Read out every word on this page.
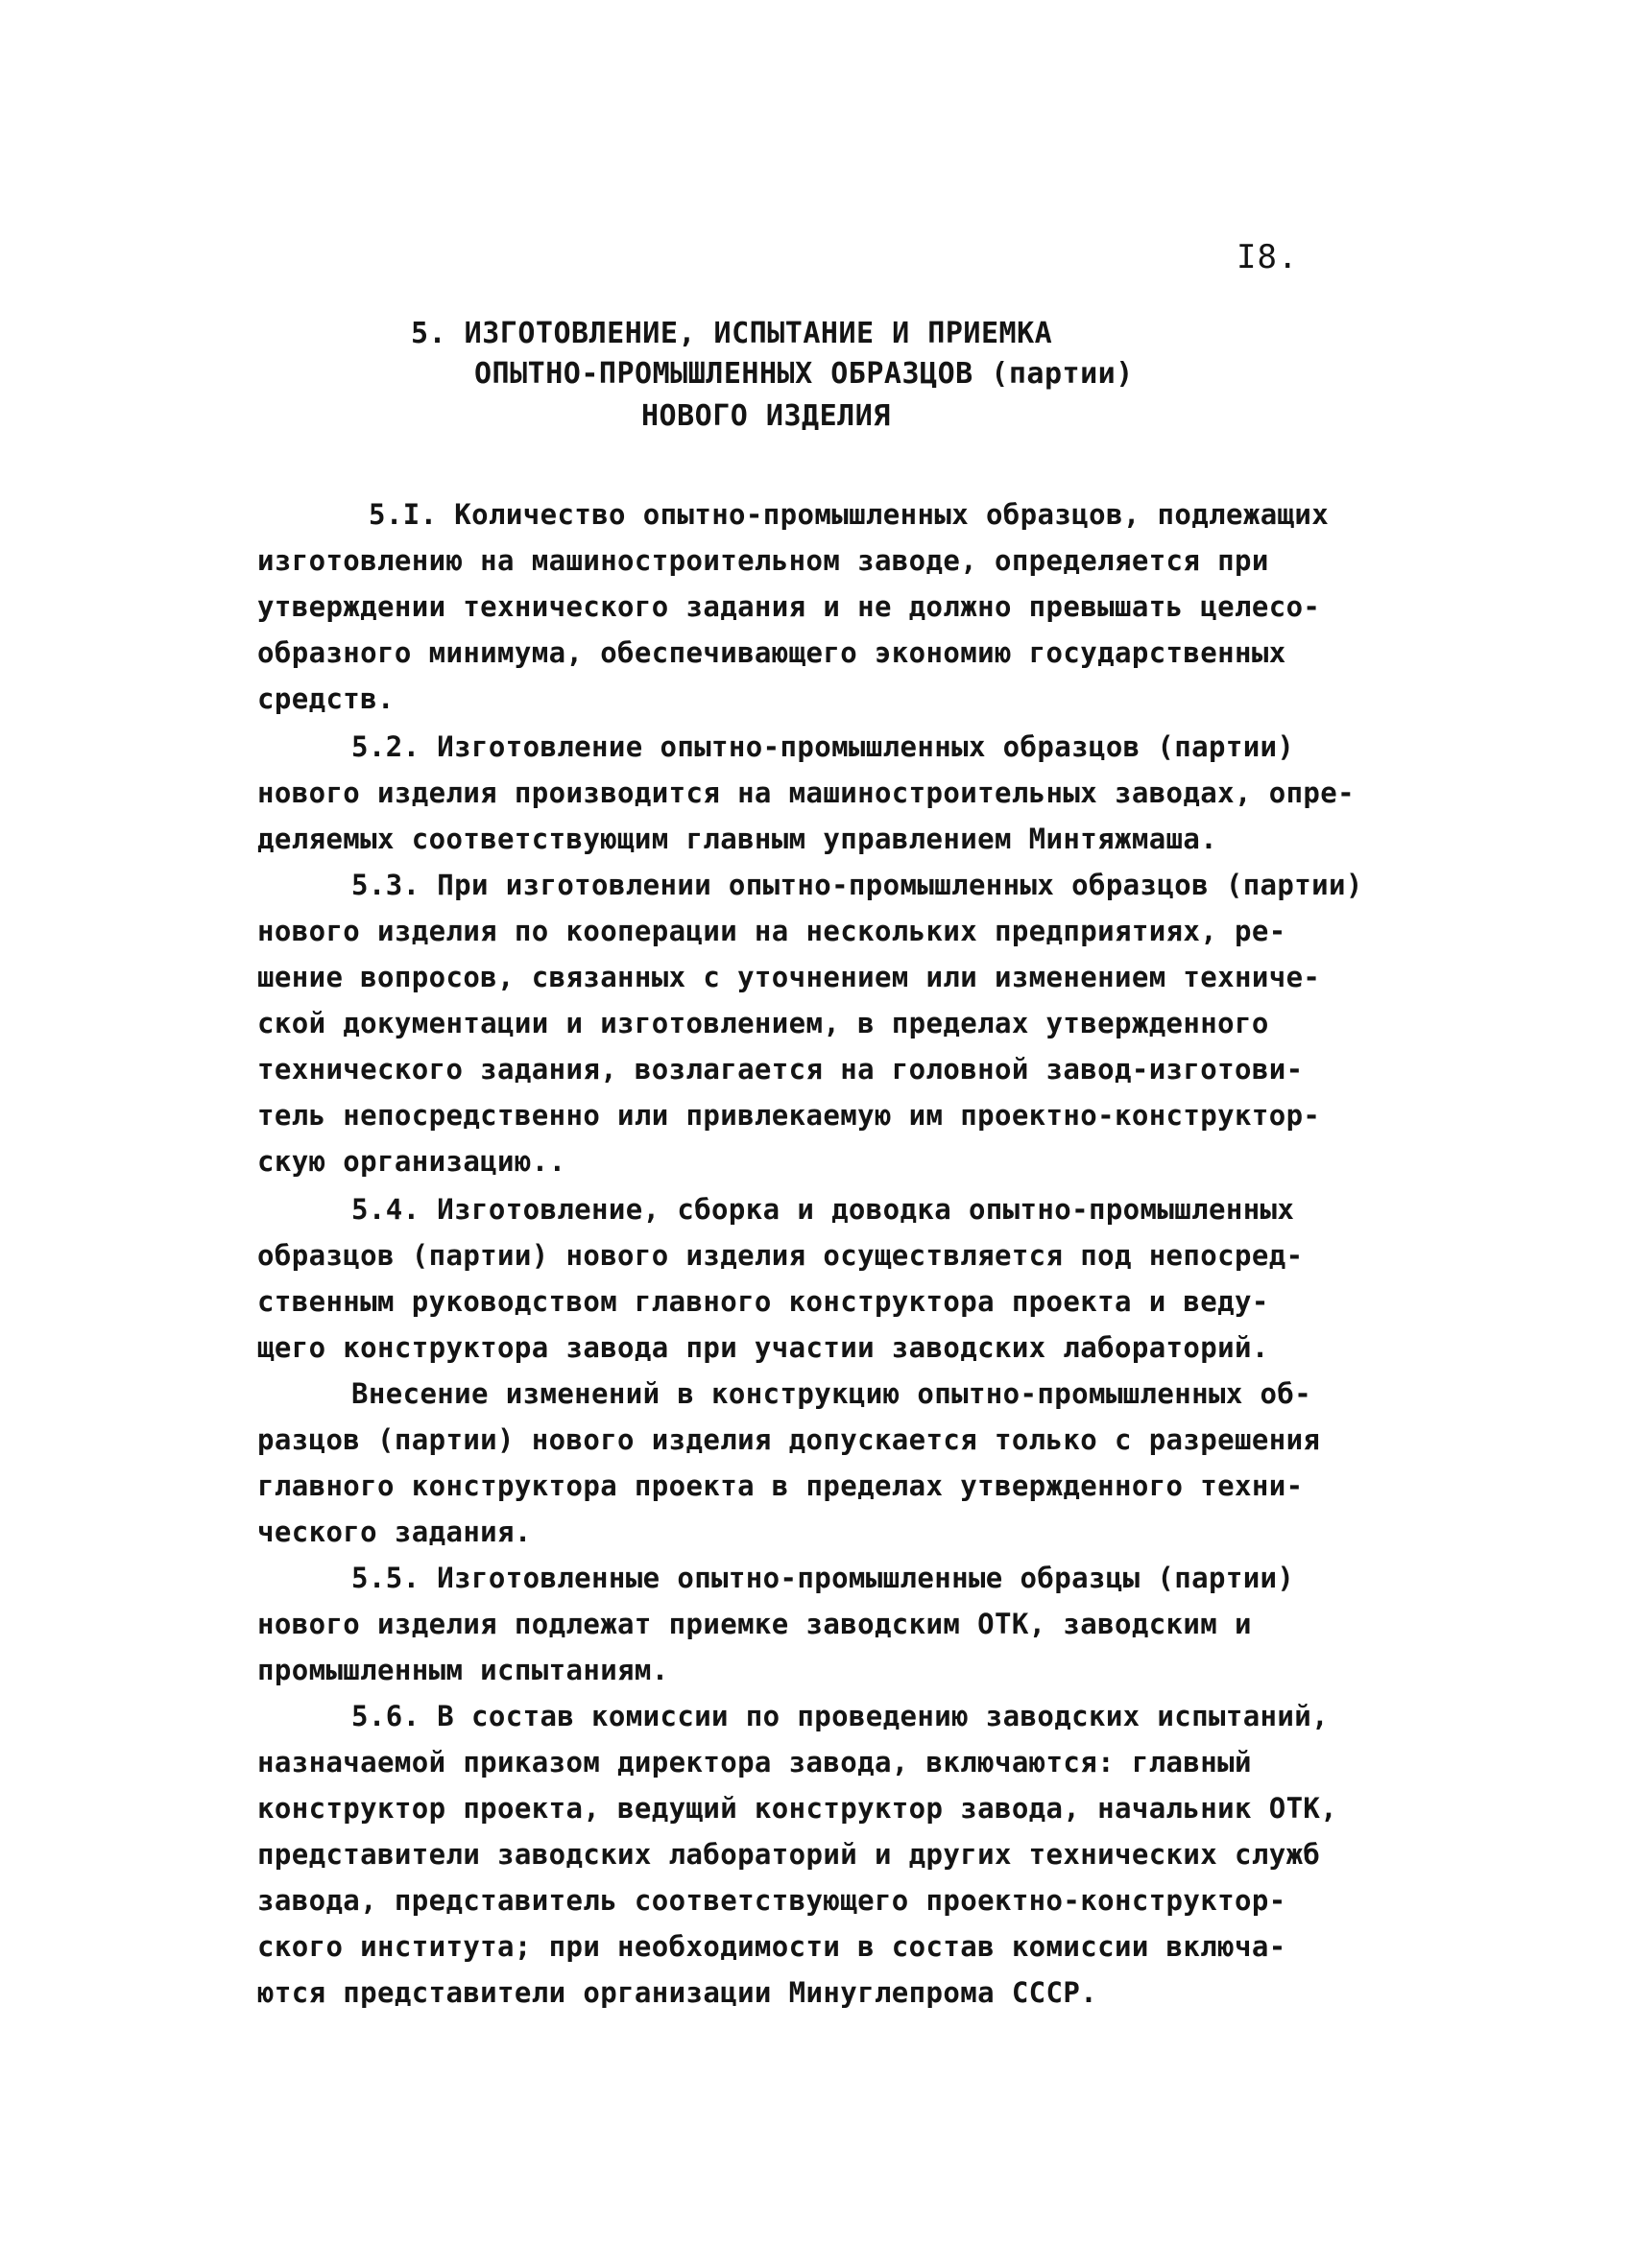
I8.
5. ИЗГОТОВЛЕНИЕ, ИСПЫТАНИЕ И ПРИЕМКА
ОПЫТНО-ПРОМЫШЛЕННЫХ ОБРАЗЦОВ (партии)
НОВОГО ИЗДЕЛИЯ
5.I. Количество опытно-промышленных образцов, подлежащих
изготовлению на машиностроительном заводе, определяется при
утверждении технического задания и не должно превышать целесо-
образного минимума, обеспечивающего экономию государственных
средств.
5.2. Изготовление опытно-промышленных образцов (партии)
нового изделия производится на машиностроительных заводах, опре-
деляемых соответствующим главным управлением Минтяжмаша.
5.3. При изготовлении опытно-промышленных образцов (партии)
нового изделия по кооперации на нескольких предприятиях, ре-
шение вопросов, связанных с уточнением или изменением техниче-
ской документации и изготовлением, в пределах утвержденного
технического задания, возлагается на головной завод-изготови-
тель непосредственно или привлекаемую им проектно-конструктор-
скую организацию..
5.4. Изготовление, сборка и доводка опытно-промышленных
образцов (партии) нового изделия осуществляется под непосред-
ственным руководством главного конструктора проекта и веду-
щего конструктора завода при участии заводских лабораторий.
Внесение изменений в конструкцию опытно-промышленных об-
разцов (партии) нового изделия допускается только с разрешения
главного конструктора проекта в пределах утвержденного техни-
ческого задания.
5.5. Изготовленные опытно-промышленные образцы (партии)
нового изделия подлежат приемке заводским ОТК, заводским и
промышленным испытаниям.
5.6. В состав комиссии по проведению заводских испытаний,
назначаемой приказом директора завода, включаются: главный
конструктор проекта, ведущий конструктор завода, начальник ОТК,
представители заводских лабораторий и других технических служб
завода, представитель соответствующего проектно-конструктор-
ского института; при необходимости в состав комиссии включа-
ются представители организации Минуглепрома СССР.
